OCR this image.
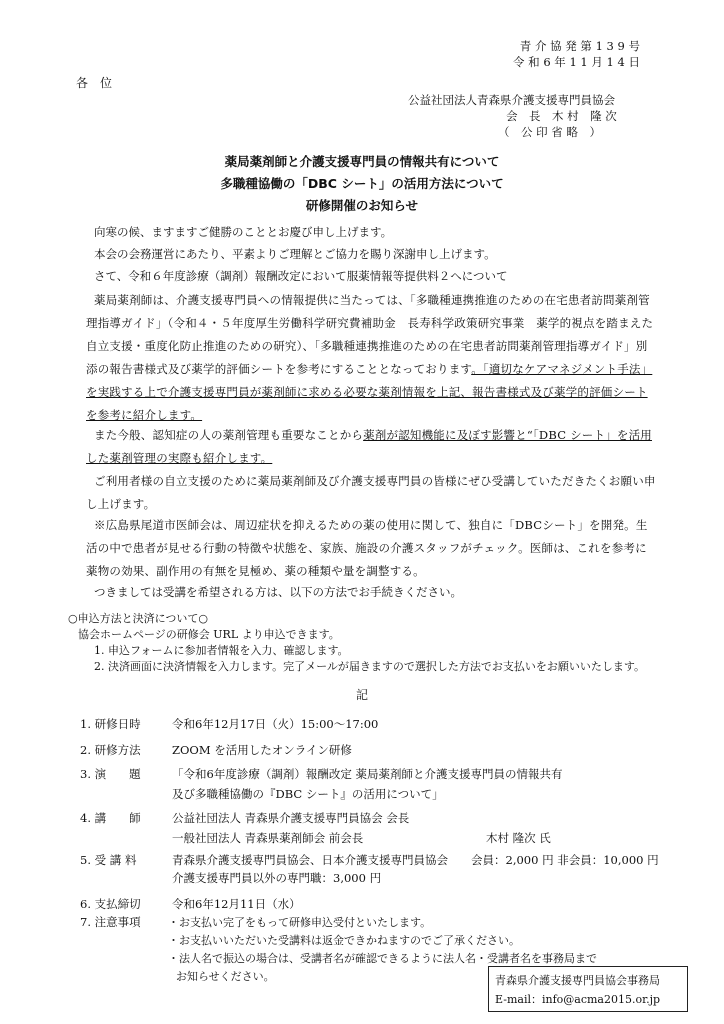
青 介 協 発 第 1 3 9 号
令 和 6 年 1 1 月 1 4 日
各　位
公益社団法人青森県介護支援専門員協会
会　長　木 村　隆 次
（　公 印 省 略　）
薬局薬剤師と介護支援専門員の情報共有について
多職種協働の「DBC シート」の活用方法について
研修開催のお知らせ
向寒の候、ますますご健勝のこととお慶び申し上げます。
本会の会務運営にあたり、平素よりご理解とご協力を賜り深謝申し上げます。
さて、令和６年度診療（調剤）報酬改定において服薬情報等提供料２へについて
薬局薬剤師は、介護支援専門員への情報提供に当たっては、「多職種連携推進のための在宅患者訪問薬剤管理指導ガイド」（令和４・５年度厚生労働科学研究費補助金　長寿科学政策研究事業　薬学的視点を踏まえた自立支援・重度化防止推進のための研究）、「多職種連携推進のための在宅患者訪問薬剤管理指導ガイド」別添の報告書様式及び薬学的評価シートを参考にすることとなっております。「適切なケアマネジメント手法」を実践する上で介護支援専門員が薬剤師に求める必要な薬剤情報を上記、報告書様式及び薬学的評価シートを参考に紹介します。
また今般、認知症の人の薬剤管理も重要なことから薬剤が認知機能に及ぼす影響と“「DBC シート」を活用した薬剤管理の実際も紹介します。
ご利用者様の自立支援のために薬局薬剤師及び介護支援専門員の皆様にぜひ受講していただきたくお願い申し上げます。
※広島県尾道市医師会は、周辺症状を抑えるための薬の使用に関して、独自に「DBCシート」を開発。生活の中で患者が見せる行動の特徴や状態を、家族、施設の介護スタッフがチェック。医師は、これを参考に薬物の効果、副作用の有無を見極め、薬の種類や量を調整する。
つきましては受講を希望される方は、以下の方法でお手続きください。
○申込方法と決済について○
協会ホームページの研修会 URL より申込できます。
1. 申込フォームに参加者情報を入力、確認します。
2. 決済画面に決済情報を入力します。完了メールが届きますので選択した方法でお支払いをお願いいたします。
記
1. 研修日時	令和6年12月17日（火）15:00～17:00
2. 研修方法	ZOOM を活用したオンライン研修
3. 演　　題	「令和6年度診療（調剤）報酬改定 薬局薬剤師と介護支援専門員の情報共有
及び多職種協働の『DBC シート』の活用について」
4. 講　　師	公益社団法人 青森県介護支援専門員協会 会長
一般社団法人 青森県薬剤師会 前会長	木村 隆次 氏
5. 受 講 料	青森県介護支援専門員協会、日本介護支援専門員協会　　会員：2,000 円 非会員：10,000 円
介護支援専門員以外の専門職：3,000 円
6. 支払締切	令和6年12月11日（水）
7. 注意事項 ・お支払い完了をもって研修申込受付といたします。
・お支払いいただいた受講料は返金できかねますのでご了承ください。
・法人名で振込の場合は、受講者名が確認できるように法人名・受講者名を事務局まで
お知らせください。	青森県介護支援専門員協会事務局
E-mail：info@acma2015.or.jp
